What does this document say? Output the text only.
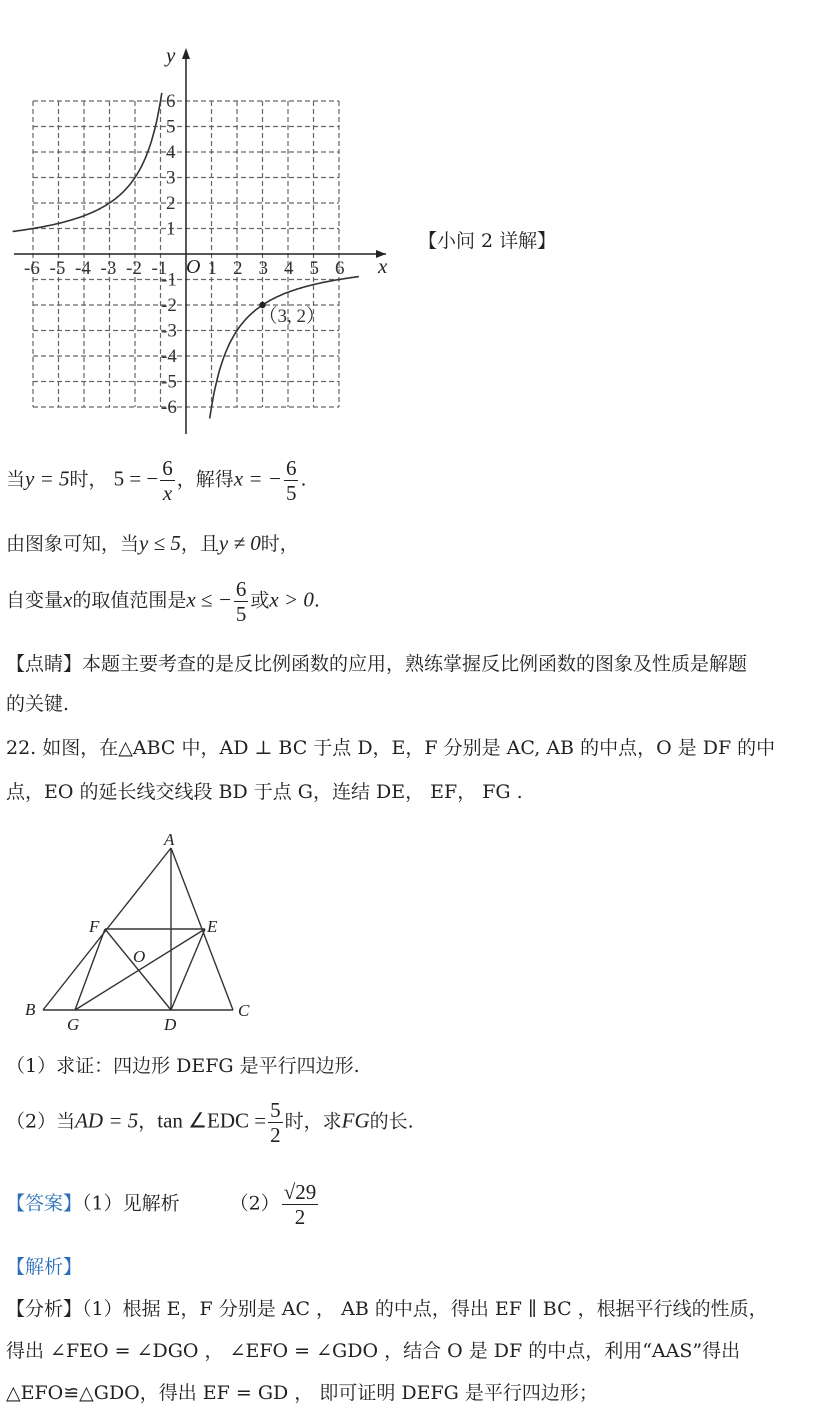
-6 -5 -4 -3 -2 -1 1 2 3 4 5 6
6
5
4
3
2
1
-1
-2
-3
-4
-5
-6
（3, 2）
y
x
O
【小问 2 详解】
当y = 5时， 5 = − $\frac{6}{x}$ ，解得x = − $\frac{6}{5}$ .
由图象可知，当y ≤ 5，且y ≠ 0时，
自变量x的取值范围是x ≤ − $\frac{6}{5}$ 或x > 0.
【点睛】本题主要考查的是反比例函数的应用，熟练掌握反比例函数的图象及性质是解题
的关键.
22. 如图，在△ABC 中，AD ⊥ BC 于点 D，E，F 分别是 AC, AB 的中点，O 是 DF 的中
点，EO 的延长线交线段 BD 于点 G，连结 DE， EF， FG .
A
B	C
D
E
F
G
O
（1）求证：四边形 DEFG 是平行四边形.
（2）当AD = 5，tan ∠EDC = $\frac{5}{2}$ 时，求FG的长.
【答案】（1）见解析	$(2) \frac{√29}{2}$
【解析】
【分析】（1）根据 E，F 分别是 AC ， AB 的中点，得出 EF ∥ BC ，根据平行线的性质，
得出 ∠FEO = ∠DGO ， ∠EFO = ∠GDO ，结合 O 是 DF 的中点，利用“AAS”得出
△EFO≌△GDO，得出 EF = GD ， 即可证明 DEFG 是平行四边形；
